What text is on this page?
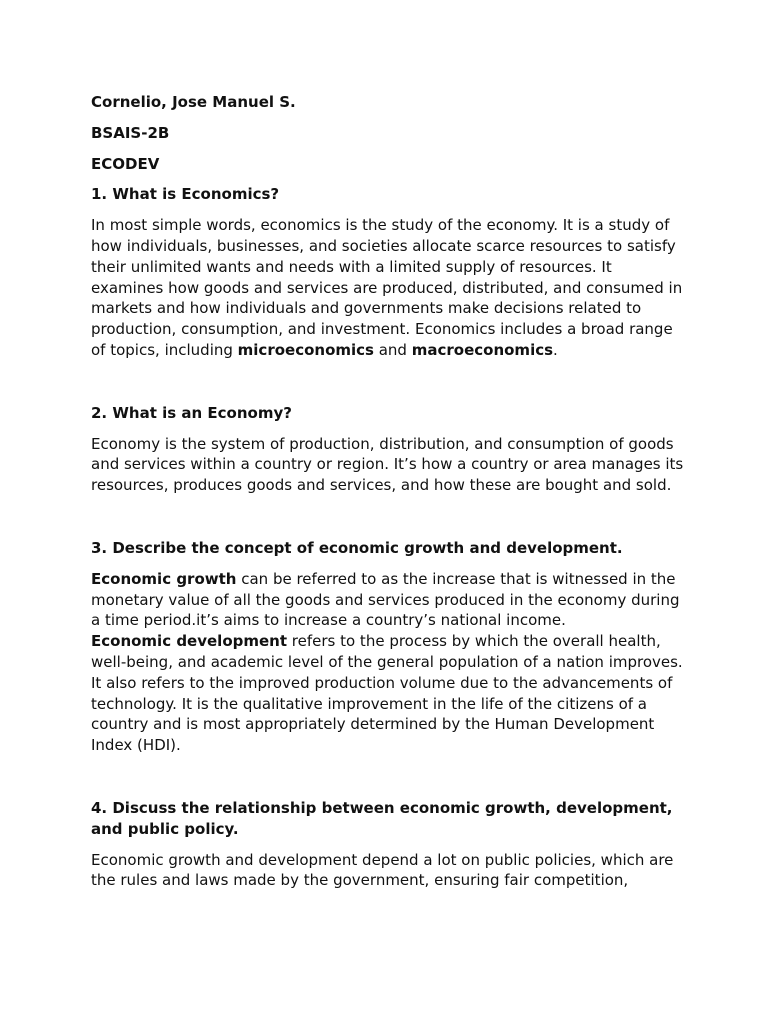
Cornelio, Jose Manuel S.

BSAIS-2B

ECODEV

1. What is Economics?

In most simple words, economics is the study of the economy. It is a study of how individuals, businesses, and societies allocate scarce resources to satisfy their unlimited wants and needs with a limited supply of resources. It examines how goods and services are produced, distributed, and consumed in markets and how individuals and governments make decisions related to production, consumption, and investment. Economics includes a broad range of topics, including microeconomics and macroeconomics.

2. What is an Economy?

Economy is the system of production, distribution, and consumption of goods and services within a country or region. It’s how a country or area manages its resources, produces goods and services, and how these are bought and sold.

3. Describe the concept of economic growth and development.

Economic growth can be referred to as the increase that is witnessed in the monetary value of all the goods and services produced in the economy during a time period.it’s aims to increase a country’s national income.

Economic development refers to the process by which the overall health, well-being, and academic level of the general population of a nation improves. It also refers to the improved production volume due to the advancements of technology. It is the qualitative improvement in the life of the citizens of a country and is most appropriately determined by the Human Development Index (HDI).

4. Discuss the relationship between economic growth, development, and public policy.

Economic growth and development depend a lot on public policies, which are the rules and laws made by the government, ensuring fair competition,
